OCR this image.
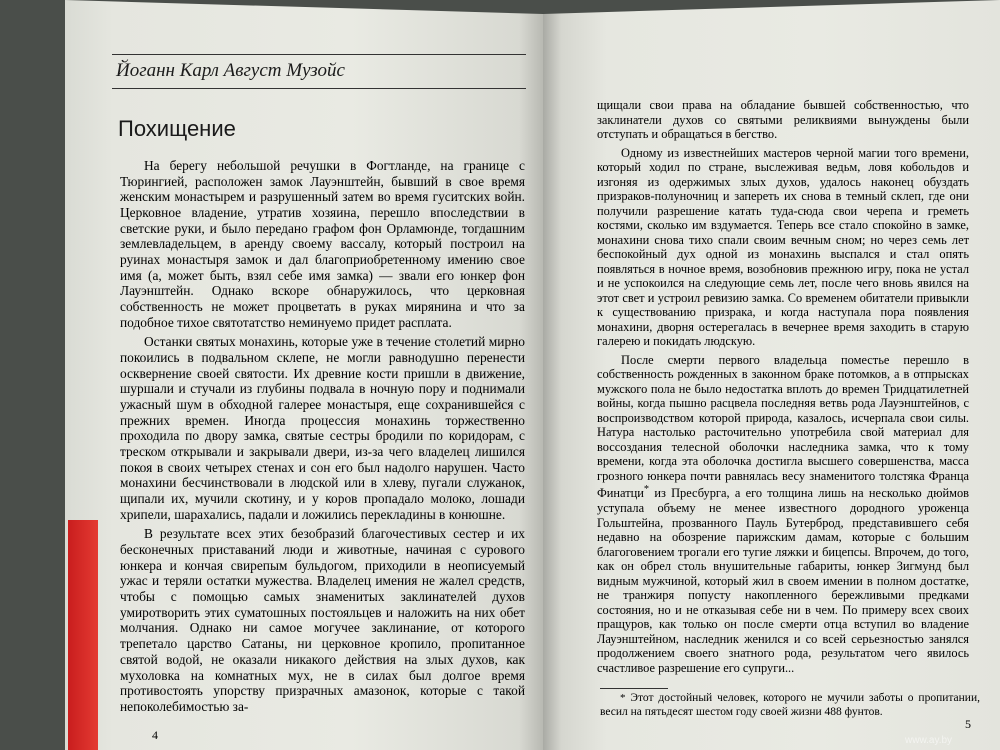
Йоганн Карл Август Музойс
Похищение

На берегу небольшой речушки в Фогтланде, на границе с Тюрингией, расположен замок Лауэнштейн, бывший в свое время женским монастырем и разрушенный затем во время гуситских войн. Церковное владение, утратив хозяина, перешло впоследствии в светские руки, и было передано графом фон Орламюнде, тогдашним землевладельцем, в аренду своему вассалу, который построил на руинах монастыря замок и дал благоприобретенному имению свое имя (а, может быть, взял себе имя замка) — звали его юнкер фон Лауэнштейн. Однако вскоре обнаружилось, что церковная собственность не может процветать в руках мирянина и что за подобное тихое святотатство неминуемо придет расплата.

Останки святых монахинь, которые уже в течение столетий мирно покоились в подвальном склепе, не могли равнодушно перенести осквернение своей святости. Их древние кости пришли в движение, шуршали и стучали из глубины подвала в ночную пору и поднимали ужасный шум в обходной галерее монастыря, еще сохранившейся с прежних времен. Иногда процессия монахинь торжественно проходила по двору замка, святые сестры бродили по коридорам, с треском открывали и закрывали двери, из-за чего владелец лишился покоя в своих четырех стенах и сон его был надолго нарушен. Часто монахини бесчинствовали в людской или в хлеву, пугали служанок, щипали их, мучили скотину, и у коров пропадало молоко, лошади хрипели, шарахались, падали и ложились перекладины в конюшне.

В результате всех этих безобразий благочестивых сестер и их бесконечных приставаний люди и животные, начиная с сурового юнкера и кончая свирепым бульдогом, приходили в неописуемый ужас и теряли остатки мужества. Владелец имения не жалел средств, чтобы с помощью самых знаменитых заклинателей духов умиротворить этих суматошных постояльцев и наложить на них обет молчания. Однако ни самое могучее заклинание, от которого трепетало царство Сатаны, ни церковное кропило, пропитанное святой водой, не оказали никакого действия на злых духов, как мухоловка на комнатных мух, не в силах был долгое время противостоять упорству призрачных амазонок, которые с такой непоколебимостью за-

4

щищали свои права на обладание бывшей собственностью, что заклинатели духов со святыми реликвиями вынуждены были отступать и обращаться в бегство.

Одному из известнейших мастеров черной магии того времени, который ходил по стране, выслеживая ведьм, ловя кобольдов и изгоняя из одержимых злых духов, удалось наконец обуздать призраков-полуночниц и запереть их снова в темный склеп, где они получили разрешение катать туда-сюда свои черепа и греметь костями, сколько им вздумается. Теперь все стало спокойно в замке, монахини снова тихо спали своим вечным сном; но через семь лет беспокойный дух одной из монахинь выспался и стал опять появляться в ночное время, возобновив прежнюю игру, пока не устал и не успокоился на следующие семь лет, после чего вновь явился на этот свет и устроил ревизию замка. Со временем обитатели привыкли к существованию призрака, и когда наступала пора появления монахини, дворня остерегалась в вечернее время заходить в старую галерею и покидать людскую.

После смерти первого владельца поместье перешло в собственность рожденных в законном браке потомков, а в отпрысках мужского пола не было недостатка вплоть до времен Тридцатилетней войны, когда пышно расцвела последняя ветвь рода Лауэнштейнов, с воспроизводством которой природа, казалось, исчерпала свои силы. Натура настолько расточительно употребила свой материал для воссоздания телесной оболочки наследника замка, что к тому времени, когда эта оболочка достигла высшего совершенства, масса грозного юнкера почти равнялась весу знаменитого толстяка Франца Финатци* из Пресбурга, а его толщина лишь на несколько дюймов уступала объему не менее известного дородного уроженца Гольштейна, прозванного Пауль Бутерброд, представившего себя недавно на обозрение парижским дамам, которые с большим благоговением трогали его тугие ляжки и бицепсы. Впрочем, до того, как он обрел столь внушительные габариты, юнкер Зигмунд был видным мужчиной, который жил в своем имении в полном достатке, не транжиря попусту накопленного бережливыми предками состояния, но и не отказывая себе ни в чем. По примеру всех своих пращуров, как только он после смерти отца вступил во владение Лауэнштейном, наследник женился и со всей серьезностью занялся продолжением своего знатного рода, результатом чего явилось счастливое разрешение его супруги...

* Этот достойный человек, которого не мучили заботы о пропитании, весил на пятьдесят шестом году своей жизни 488 фунтов.

5
www.ay.by
